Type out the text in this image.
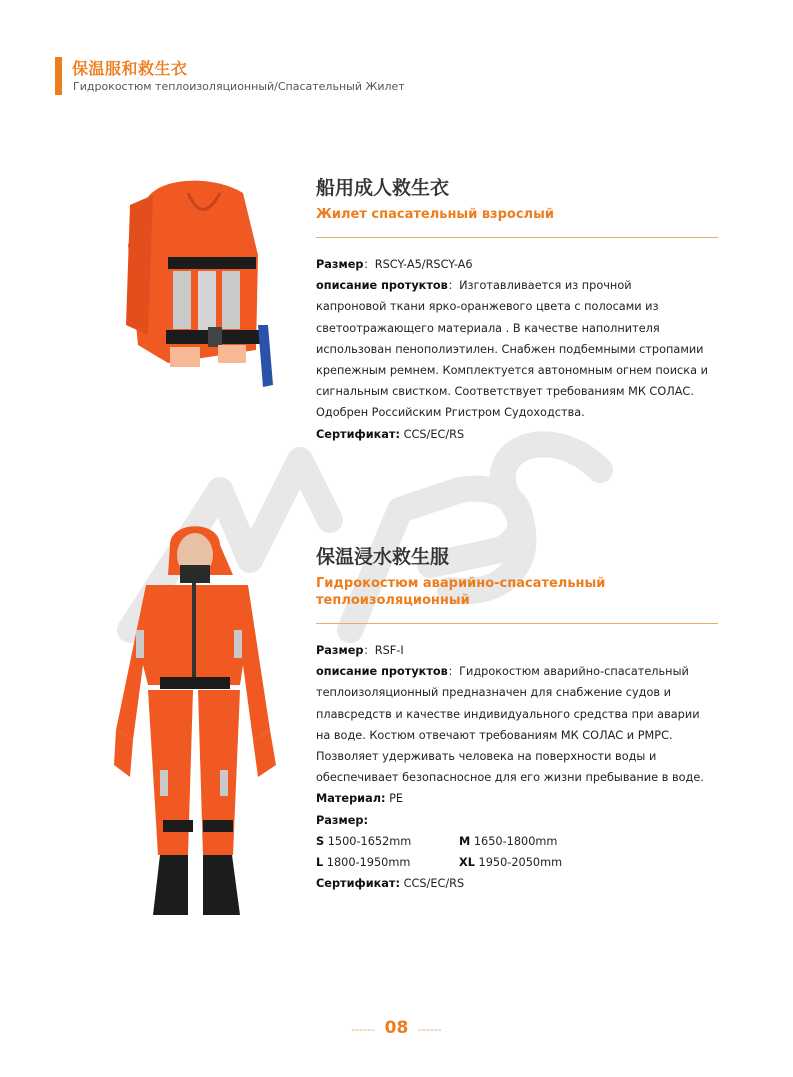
保温服和救生衣
Гидрокостюм теплоизоляционный/Спасательный Жилет
船用成人救生衣
Жилет спасательный взрослый
Размер：RSCY-A5/RSCY-A6
описание протуктов：Изготавливается из прочной
капроновой ткани ярко-оранжевого цвета с полосами из
светоотражающего материала . В качестве наполнителя
использован пенополиэтилен. Снабжен подбемными стропамии
крепежным ремнем. Комплектуется автономным огнем поиска и
сигнальным свистком. Соответствует требованиям МК СОЛАС.
Одобрен Российским Ргистром Судоходства.
Сертификат: CCS/EC/RS
保温浸水救生服
Гидрокостюм аварийно-спасательный
теплоизоляционный
Размер：RSF-I
описание протуктов：Гидрокостюм аварийно-спасательный
теплоизоляционный предназначен для снабжение судов и
плавсредств и качестве индивидуального средства при аварии
на воде. Костюм отвечают требованиям МК СОЛАС и РМРС.
Позволяет удерживать человека на поверхности воды и
обеспечивает безопасносное для его жизни пребывание в воде.
Материал: PE
Размер:
S 1500-1652mm	M 1650-1800mm
L 1800-1950mm	XL 1950-2050mm
Сертификат: CCS/EC/RS
------ 08 ------
